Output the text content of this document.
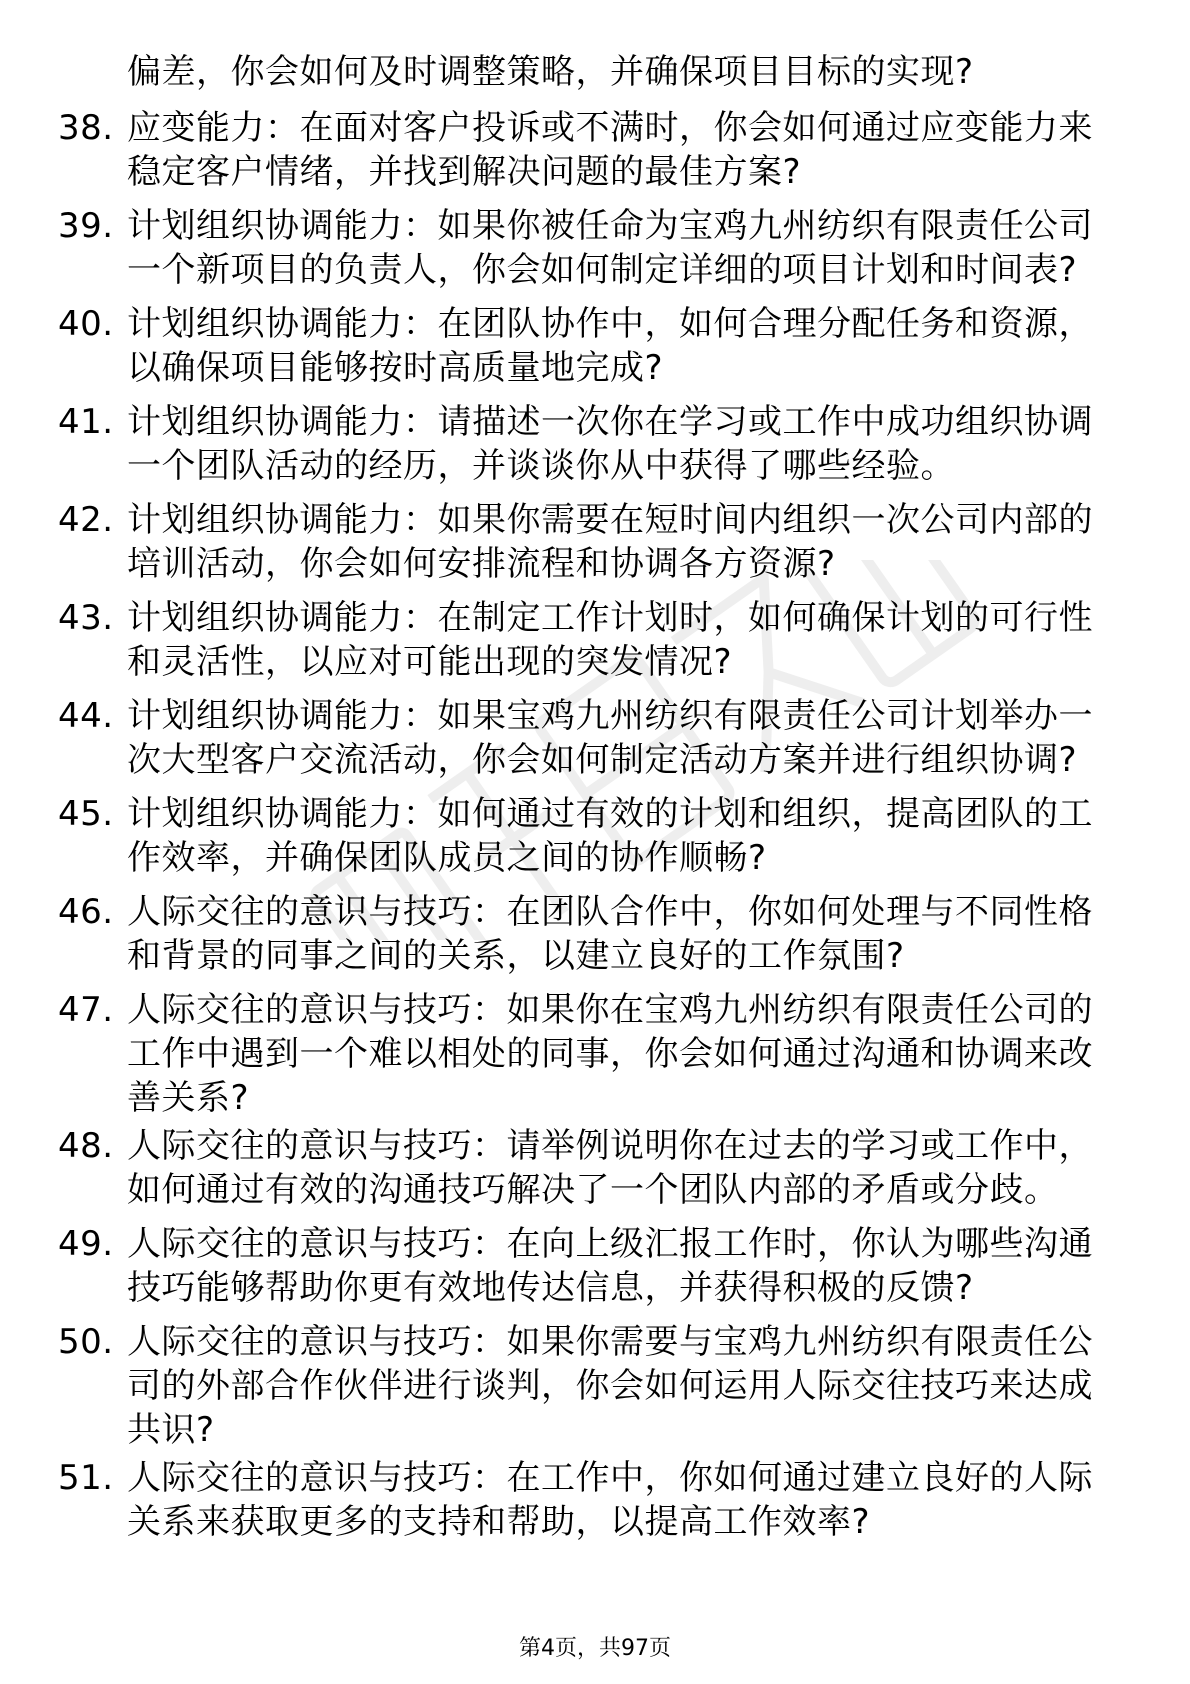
偏差，你会如何及时调整策略，并确保项目目标的实现?
38. 应变能力：在面对客户投诉或不满时，你会如何通过应变能力来稳定客户情绪，并找到解决问题的最佳方案?
39. 计划组织协调能力：如果你被任命为宝鸡九州纺织有限责任公司一个新项目的负责人，你会如何制定详细的项目计划和时间表?
40. 计划组织协调能力：在团队协作中，如何合理分配任务和资源，以确保项目能够按时高质量地完成?
41. 计划组织协调能力：请描述一次你在学习或工作中成功组织协调一个团队活动的经历，并谈谈你从中获得了哪些经验。
42. 计划组织协调能力：如果你需要在短时间内组织一次公司内部的培训活动，你会如何安排流程和协调各方资源?
43. 计划组织协调能力：在制定工作计划时，如何确保计划的可行性和灵活性，以应对可能出现的突发情况?
44. 计划组织协调能力：如果宝鸡九州纺织有限责任公司计划举办一次大型客户交流活动，你会如何制定活动方案并进行组织协调?
45. 计划组织协调能力：如何通过有效的计划和组织，提高团队的工作效率，并确保团队成员之间的协作顺畅?
46. 人际交往的意识与技巧：在团队合作中，你如何处理与不同性格和背景的同事之间的关系，以建立良好的工作氛围?
47. 人际交往的意识与技巧：如果你在宝鸡九州纺织有限责任公司的工作中遇到一个难以相处的同事，你会如何通过沟通和协调来改善关系?
48. 人际交往的意识与技巧：请举例说明你在过去的学习或工作中，如何通过有效的沟通技巧解决了一个团队内部的矛盾或分歧。
49. 人际交往的意识与技巧：在向上级汇报工作时，你认为哪些沟通技巧能够帮助你更有效地传达信息，并获得积极的反馈?
50. 人际交往的意识与技巧：如果你需要与宝鸡九州纺织有限责任公司的外部合作伙伴进行谈判，你会如何运用人际交往技巧来达成共识?
51. 人际交往的意识与技巧：在工作中，你如何通过建立良好的人际关系来获取更多的支持和帮助，以提高工作效率?
第4页，共97页
